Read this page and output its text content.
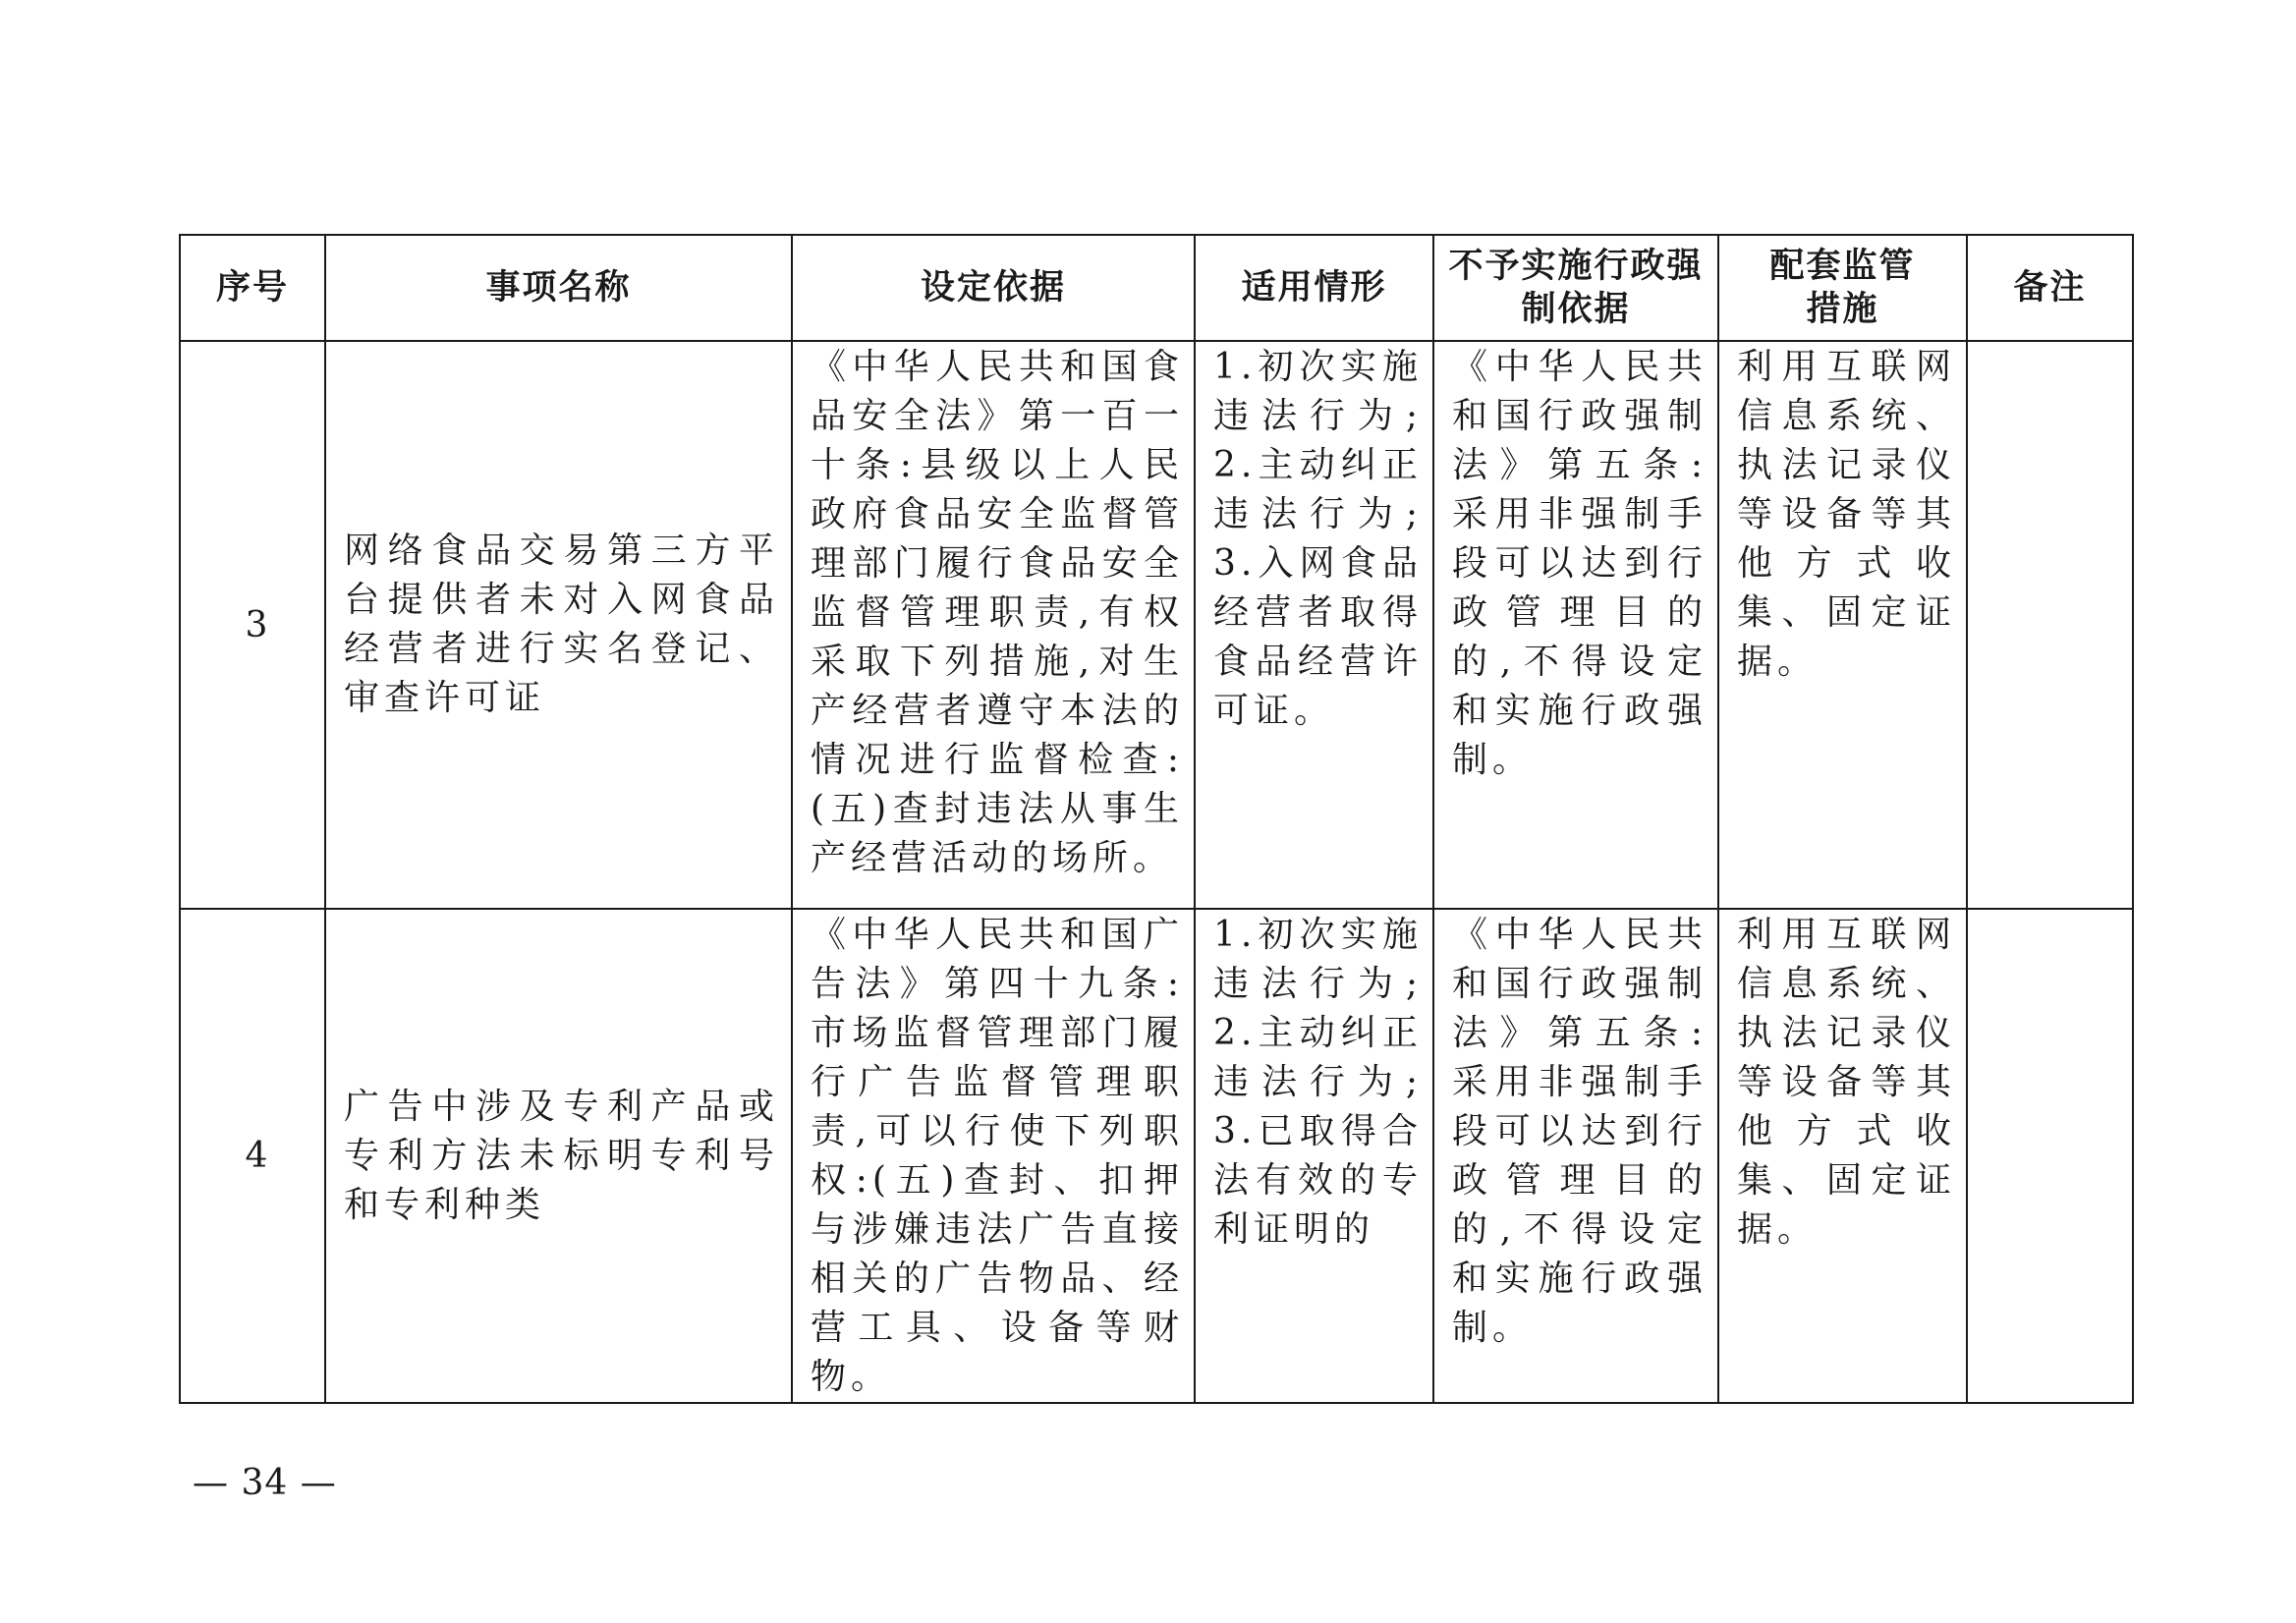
序号	事项名称	设定依据	适用情形	不予实施行政强制依据	配套监管措施	备注

3	网络食品交易第三方平台提供者未对入网食品经营者进行实名登记、审查许可证	《中华人民共和国食品安全法》第一百一十条:县级以上人民政府食品安全监督管理部门履行食品安全监督管理职责,有权采取下列措施,对生产经营者遵守本法的情况进行监督检查:(五)查封违法从事生产经营活动的场所。	1.初次实施违法行为;2.主动纠正违法行为;3.入网食品经营者取得食品经营许可证。	《中华人民共和国行政强制法》第五条:采用非强制手段可以达到行政管理目的的,不得设定和实施行政强制。	利用互联网信息系统、执法记录仪等设备等其他方式收集、固定证据。	

4	广告中涉及专利产品或专利方法未标明专利号和专利种类	《中华人民共和国广告法》第四十九条:市场监督管理部门履行广告监督管理职责,可以行使下列职权:(五)查封、扣押与涉嫌违法广告直接相关的广告物品、经营工具、设备等财物。	1.初次实施违法行为;2.主动纠正违法行为;3.已取得合法有效的专利证明的	《中华人民共和国行政强制法》第五条:采用非强制手段可以达到行政管理目的的,不得设定和实施行政强制。	利用互联网信息系统、执法记录仪等设备等其他方式收集、固定证据。	

— 34 —
